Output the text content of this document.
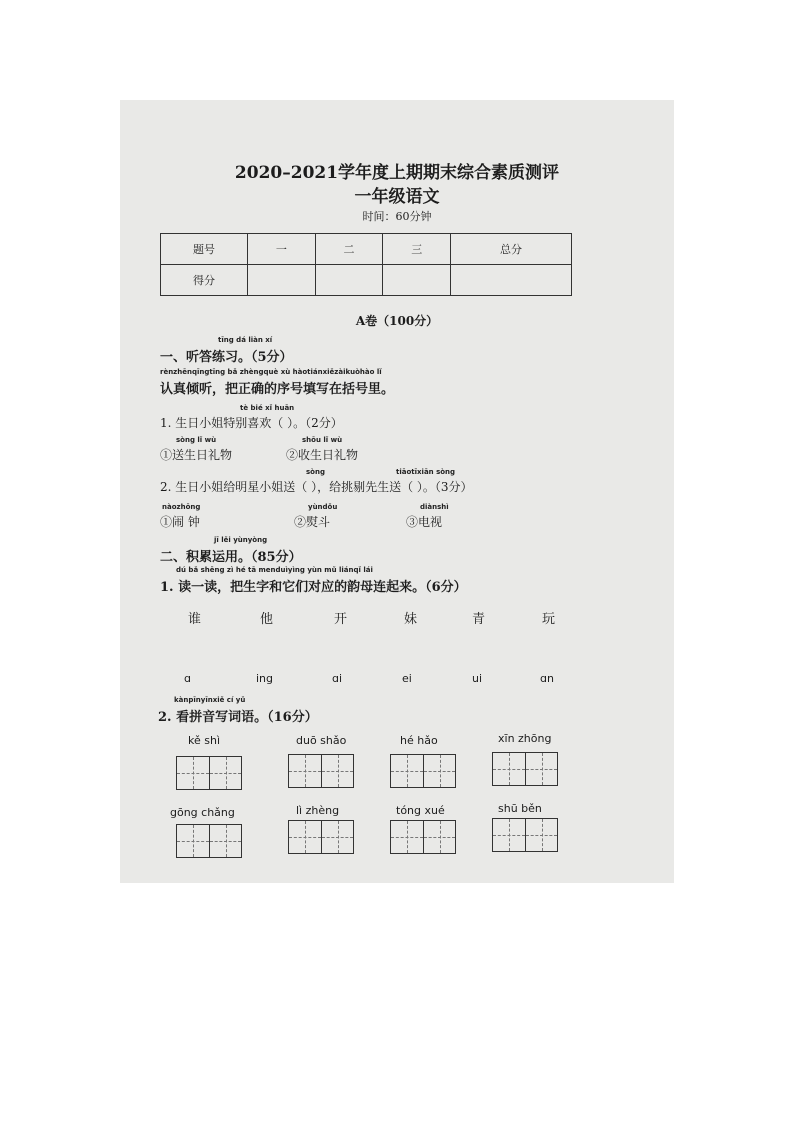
2020–2021学年度上期期末综合素质测评
一年级语文
时间：60分钟
题号	一	二	三	总分
得分				
A卷（100分）
tīng dá liàn xí
一、听答练习。（5分）
rènzhēnqīngtīng bǎ zhèngquè xù hàotiánxiězàikuòhào lǐ
认真倾听，把正确的序号填写在括号里。
tè bié xǐ huān
1. 生日小姐特别喜欢（ ）。（2分）
sòng lǐ wù	shōu lǐ wù
①送生日礼物	②收生日礼物
sòng	tiāotīxiān sòng
2. 生日小姐给明星小姐送（ ），给挑剔先生送（ ）。（3分）
nàozhōng	yùndǒu	diànshì
①闹 钟	②熨斗	③电视
jī lěi yùnyòng
二、积累运用。（85分）
dú bǎ shēng zì hé tā menduìyìng yùn mǔ liánqǐ lái
1. 读一读，把生字和它们对应的韵母连起来。（6分）
谁	他	开	妹	青	玩
ɑ	ing	ɑi	ei	ui	ɑn
kànpīnyīnxiě cí yǔ
2. 看拼音写词语。（16分）
kě shì	duō shǎo	hé hǎo	xīn zhōng
gōng chǎng	lì zhèng	tóng xué	shū běn
